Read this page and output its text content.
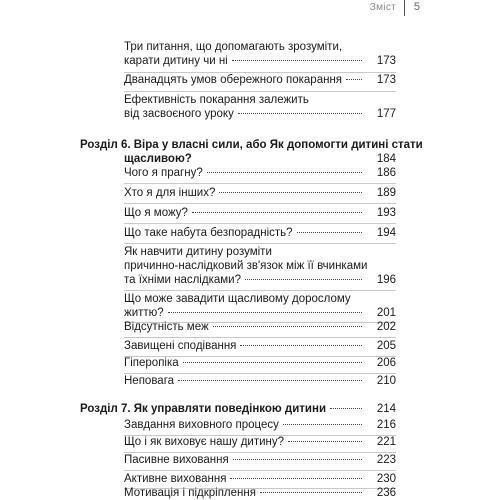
Зміст 5
Три питання, що допомагають зрозуміти,
карати дитину чи ні	173
Дванадцять умов обережного покарання	173
Ефективність покарання залежить
від засвоєного уроку	177
Розділ 6. Віра у власні сили, або Як допомогти дитині стати
щасливою?	184
Чого я прагну?	186
Хто я для інших?	189
Що я можу?	193
Що таке набута безпорадність?	194
Як навчити дитину розуміти
причинно-наслідковий зв'язок між її вчинками
та їхніми наслідками?	196
Що може завадити щасливому дорослому
життю?	201
Відсутність меж	202
Завищені сподівання	205
Гіперопіка	206
Неповага	210
Розділ 7. Як управляти поведінкою дитини	214
Завдання виховного процесу	216
Що і як виховує нашу дитину?	221
Пасивне виховання	223
Активне виховання	230
Мотивація і підкріплення	236
